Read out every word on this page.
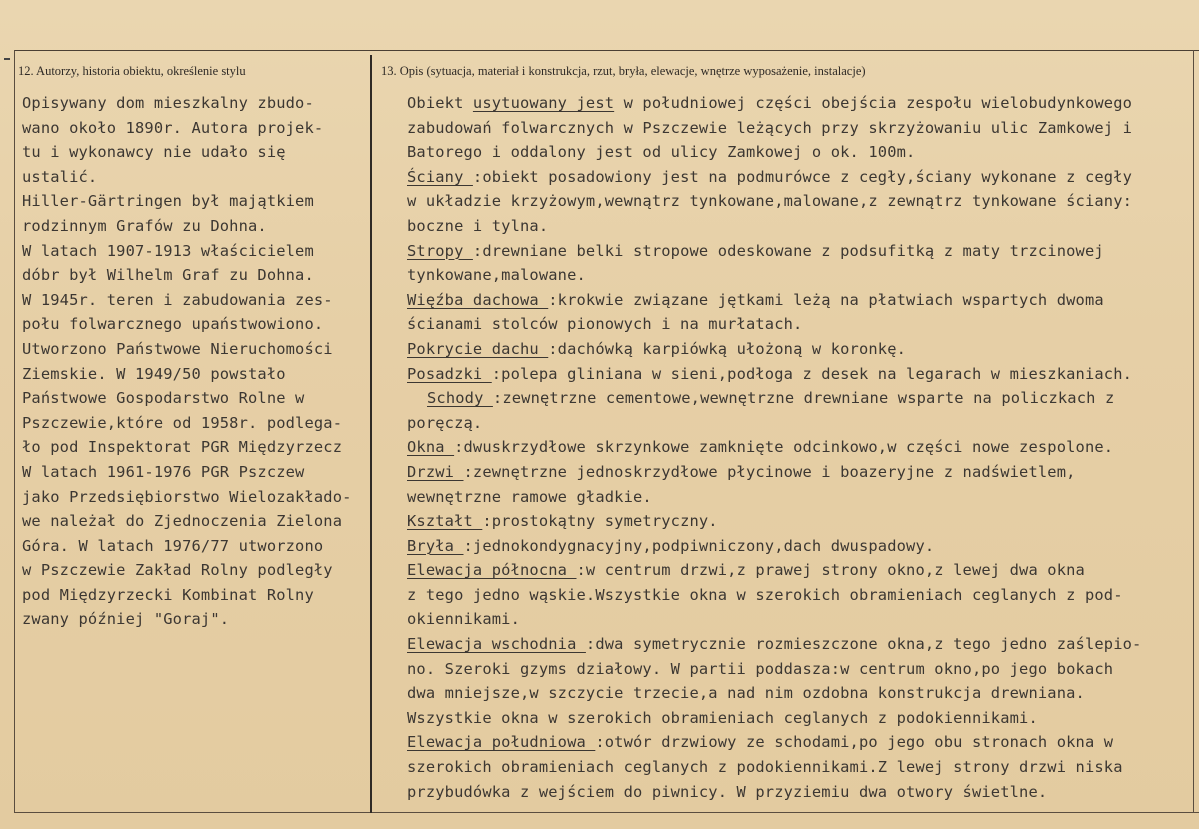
12. Autorzy, historia obiektu, określenie stylu	13. Opis (sytuacja, materiał i konstrukcja, rzut, bryła, elewacje, wnętrze wyposażenie, instalacje)
Opisywany dom mieszkalny zbudo-
wano około 1890r. Autora projek-
tu i wykonawcy nie udało się
ustalić.
Hiller-Gärtringen był majątkiem
rodzinnym Grafów zu Dohna.
W latach 1907-1913 właścicielem
dóbr był Wilhelm Graf zu Dohna.
W 1945r. teren i zabudowania zes-
połu folwarcznego upaństwowiono.
Utworzono Państwowe Nieruchomości
Ziemskie. W 1949/50 powstało
Państwowe Gospodarstwo Rolne w
Pszczewie,które od 1958r. podlega-
ło pod Inspektorat PGR Międzyrzecz
W latach 1961-1976 PGR Pszczew
jako Przedsiębiorstwo Wielozakłado-
we należał do Zjednoczenia Zielona
Góra. W latach 1976/77 utworzono
w Pszczewie Zakład Rolny podległy
pod Międzyrzecki Kombinat Rolny
zwany później "Goraj".
Obiekt usytuowany jest w południowej części obejścia zespołu wielobudynkowego
zabudowań folwarcznych w Pszczewie leżących przy skrzyżowaniu ulic Zamkowej i
Batorego i oddalony jest od ulicy Zamkowej o ok. 100m.
Ściany :obiekt posadowiony jest na podmurówce z cegły,ściany wykonane z cegły
w układzie krzyżowym,wewnątrz tynkowane,malowane,z zewnątrz tynkowane ściany:
boczne i tylna.
Stropy :drewniane belki stropowe odeskowane z podsufitką z maty trzcinowej
tynkowane,malowane.
Więźba dachowa :krokwie związane jętkami leżą na płatwiach wspartych dwoma
ścianami stolców pionowych i na murłatach.
Pokrycie dachu :dachówką karpiówką ułożoną w koronkę.
Posadzki :polepa gliniana w sieni,podłoga z desek na legarach w mieszkaniach.
Schody :zewnętrzne cementowe,wewnętrzne drewniane wsparte na policzkach z
poręczą.
Okna :dwuskrzydłowe skrzynkowe zamknięte odcinkowo,w części nowe zespolone.
Drzwi :zewnętrzne jednoskrzydłowe płycinowe i boazeryjne z nadświetlem,
wewnętrzne ramowe gładkie.
Kształt :prostokątny symetryczny.
Bryła :jednokondygnacyjny,podpiwniczony,dach dwuspadowy.
Elewacja północna :w centrum drzwi,z prawej strony okno,z lewej dwa okna
z tego jedno wąskie.Wszystkie okna w szerokich obramieniach ceglanych z pod-
okiennikami.
Elewacja wschodnia :dwa symetrycznie rozmieszczone okna,z tego jedno zaślepio-
no. Szeroki gzyms działowy. W partii poddasza:w centrum okno,po jego bokach
dwa mniejsze,w szczycie trzecie,a nad nim ozdobna konstrukcja drewniana.
Wszystkie okna w szerokich obramieniach ceglanych z podokiennikami.
Elewacja południowa :otwór drzwiowy ze schodami,po jego obu stronach okna w
szerokich obramieniach ceglanych z podokiennikami.Z lewej strony drzwi niska
przybudówka z wejściem do piwnicy. W przyziemiu dwa otwory świetlne.
